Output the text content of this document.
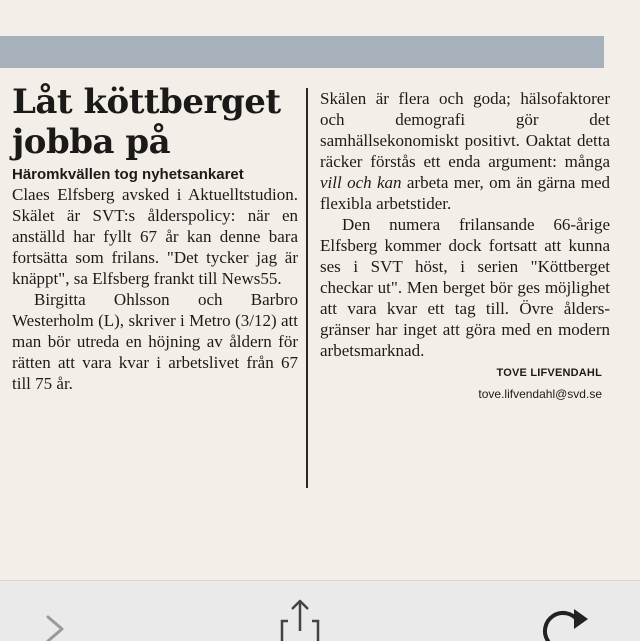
Låt köttberget
jobba på
Häromkvällen tog nyhetsankaret

Claes Elfsberg avsked i Aktuelltstudion. Skälet är SVT:s ålderspolicy: när en anställd har fyllt 67 år kan denne bara fortsätta som frilans. "Det tycker jag är knäppt", sa Elfsberg frankt till News55.

Birgitta Ohlsson och Barbro Westerholm (L), skriver i Metro (3/12) att man bör utreda en höjning av åldern för rätten att vara kvar i arbetslivet från 67 till 75 år.

Skälen är flera och goda; hälsofaktorer och demografi gör det samhällsekonomiskt positivt. Oaktat detta räcker förstås ett enda argument: många vill och kan arbeta mer, om än gärna med flexibla arbetstider.

Den numera frilansande 66-årige Elfsberg kommer dock fortsatt att kunna ses i SVT höst, i serien "Köttberget checkar ut". Men berget bör ges möjlighet att vara kvar ett tag till. Övre åldersgränser har inget att göra med en modern arbetsmarknad.

TOVE LIFVENDAHL
tove.lifvendahl@svd.se
